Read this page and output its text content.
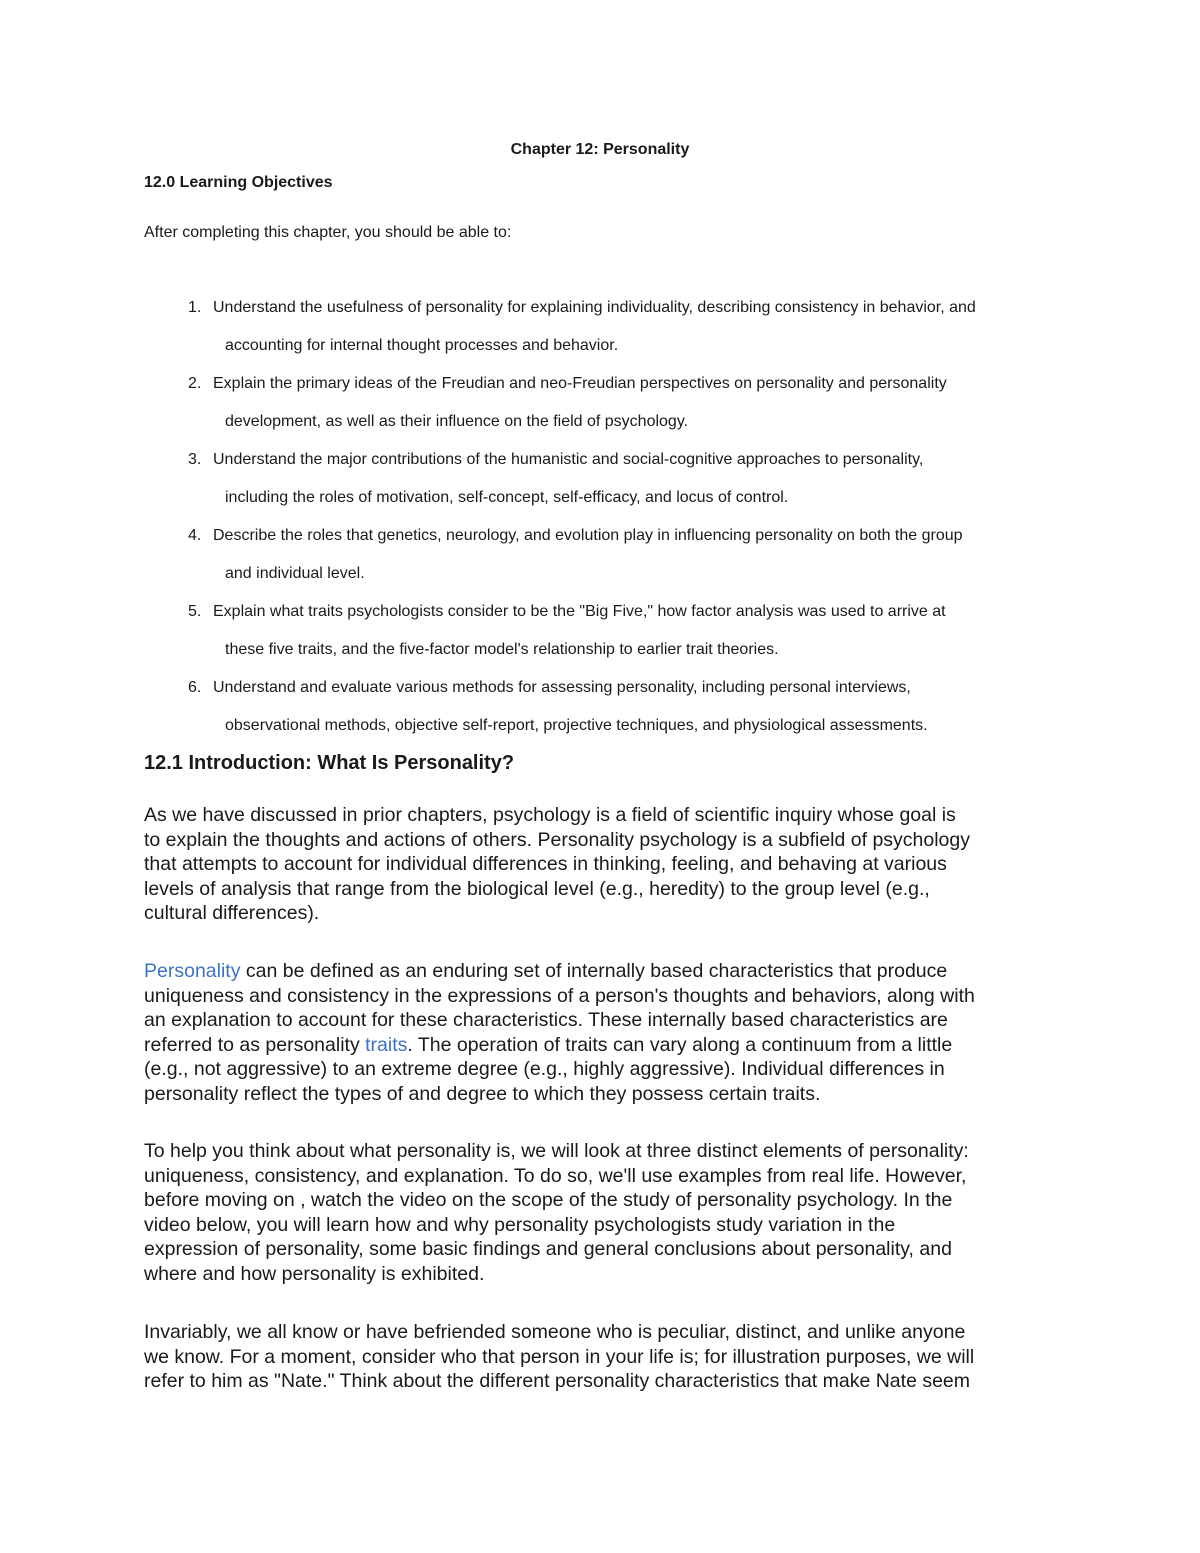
Chapter 12: Personality
12.0 Learning Objectives
After completing this chapter, you should be able to:
1. Understand the usefulness of personality for explaining individuality, describing consistency in behavior, and
accounting for internal thought processes and behavior.
2. Explain the primary ideas of the Freudian and neo-Freudian perspectives on personality and personality
development, as well as their influence on the field of psychology.
3. Understand the major contributions of the humanistic and social-cognitive approaches to personality,
including the roles of motivation, self-concept, self-efficacy, and locus of control.
4. Describe the roles that genetics, neurology, and evolution play in influencing personality on both the group
and individual level.
5. Explain what traits psychologists consider to be the "Big Five," how factor analysis was used to arrive at
these five traits, and the five-factor model's relationship to earlier trait theories.
6. Understand and evaluate various methods for assessing personality, including personal interviews,
observational methods, objective self-report, projective techniques, and physiological assessments.
12.1 Introduction: What Is Personality?

As we have discussed in prior chapters, psychology is a field of scientific inquiry whose goal is
to explain the thoughts and actions of others. Personality psychology is a subfield of psychology
that attempts to account for individual differences in thinking, feeling, and behaving at various
levels of analysis that range from the biological level (e.g., heredity) to the group level (e.g.,
cultural differences).

Personality can be defined as an enduring set of internally based characteristics that produce
uniqueness and consistency in the expressions of a person's thoughts and behaviors, along with
an explanation to account for these characteristics. These internally based characteristics are
referred to as personality traits. The operation of traits can vary along a continuum from a little
(e.g., not aggressive) to an extreme degree (e.g., highly aggressive). Individual differences in
personality reflect the types of and degree to which they possess certain traits.

To help you think about what personality is, we will look at three distinct elements of personality:
uniqueness, consistency, and explanation. To do so, we'll use examples from real life. However,
before moving on , watch the video on the scope of the study of personality psychology. In the
video below, you will learn how and why personality psychologists study variation in the
expression of personality, some basic findings and general conclusions about personality, and
where and how personality is exhibited.

Invariably, we all know or have befriended someone who is peculiar, distinct, and unlike anyone
we know. For a moment, consider who that person in your life is; for illustration purposes, we will
refer to him as "Nate." Think about the different personality characteristics that make Nate seem
